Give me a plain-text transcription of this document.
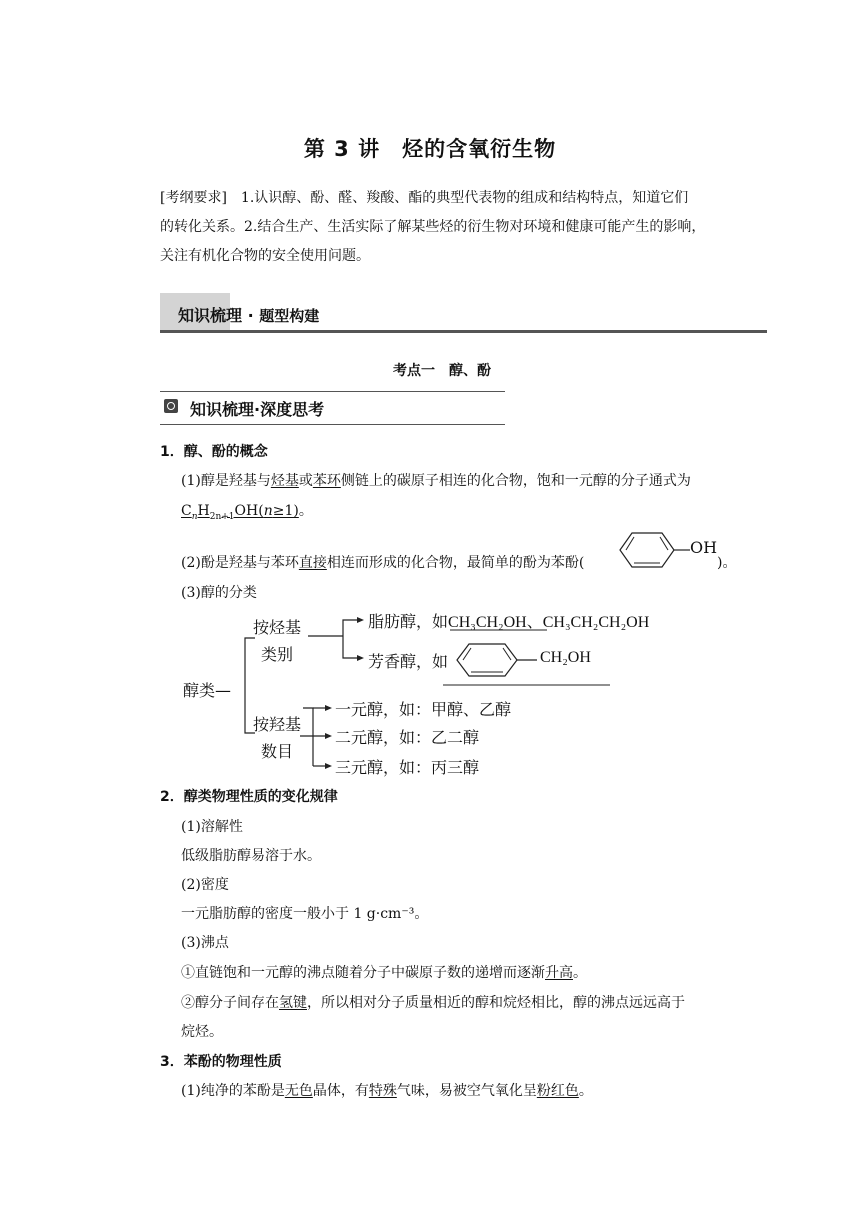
第 3 讲 烃的含氧衍生物

[考纲要求]　1.认识醇、酚、醛、羧酸、酯的典型代表物的组成和结构特点，知道它们

的转化关系。2.结合生产、生活实际了解某些烃的衍生物对环境和健康可能产生的影响，

关注有机化合物的安全使用问题。

知识梳理 · 题型构建
考点一 醇、酚
知识梳理·深度思考
1．醇、酚的概念
(1)醇是羟基与烃基或苯环侧链上的碳原子相连的化合物，饱和一元醇的分子通式为
$C_nH_{2n+1}OH(n\ge 1)$。
(2)酚是羟基与苯环直接相连而形成的化合物，最简单的酚为苯酚(
OH
)。
(3)醇的分类
醇类—
按烃基
类别
按羟基
数目
脂肪醇，如CH₃CH₂OH、CH₃CH₂CH₂OH
芳香醇，如	CH₂OH
一元醇，如：甲醇、乙醇
二元醇，如：乙二醇
三元醇，如：丙三醇
2．醇类物理性质的变化规律
(1)溶解性
低级脂肪醇易溶于水。
(2)密度
一元脂肪醇的密度一般小于 1 g·cm⁻³。
(3)沸点
①直链饱和一元醇的沸点随着分子中碳原子数的递增而逐渐升高。
②醇分子间存在氢键，所以相对分子质量相近的醇和烷烃相比，醇的沸点远远高于
烷烃。
3．苯酚的物理性质
(1)纯净的苯酚是无色晶体，有特殊气味，易被空气氧化呈粉红色。
